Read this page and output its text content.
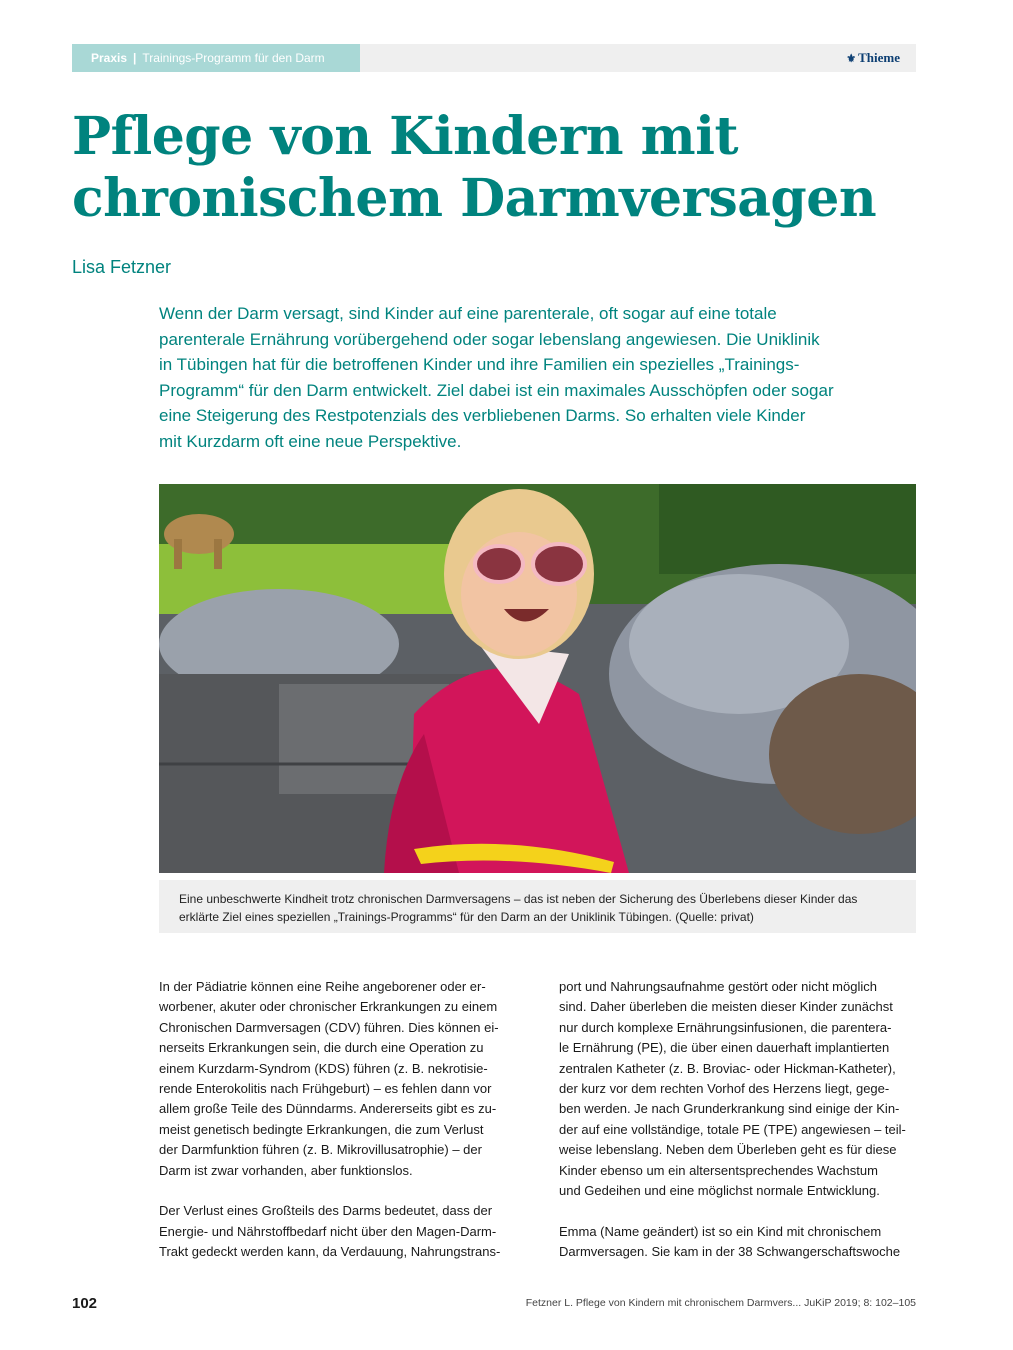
Praxis | Trainings-Programm für den Darm	⚜ Thieme
Pflege von Kindern mit
chronischem Darmversagen
Lisa Fetzner
Wenn der Darm versagt, sind Kinder auf eine parenterale, oft sogar auf eine totale
parenterale Ernährung vorübergehend oder sogar lebenslang angewiesen. Die Uniklinik
in Tübingen hat für die betroffenen Kinder und ihre Familien ein spezielles „Trainings-
Programm“ für den Darm entwickelt. Ziel dabei ist ein maximales Ausschöpfen oder sogar
eine Steigerung des Restpotenzials des verbliebenen Darms. So erhalten viele Kinder
mit Kurzdarm oft eine neue Perspektive.
Eine unbeschwerte Kindheit trotz chronischen Darmversagens – das ist neben der Sicherung des Überlebens dieser Kinder das
erklärte Ziel eines speziellen „Trainings-Programms“ für den Darm an der Uniklinik Tübingen. (Quelle: privat)
In der Pädiatrie können eine Reihe angeborener oder er-
worbener, akuter oder chronischer Erkrankungen zu einem
Chronischen Darmversagen (CDV) führen. Dies können ei-
nerseits Erkrankungen sein, die durch eine Operation zu
einem Kurzdarm-Syndrom (KDS) führen (z. B. nekrotisie-
rende Enterokolitis nach Frühgeburt) – es fehlen dann vor
allem große Teile des Dünndarms. Andererseits gibt es zu-
meist genetisch bedingte Erkrankungen, die zum Verlust
der Darmfunktion führen (z. B. Mikrovillusatrophie) – der
Darm ist zwar vorhanden, aber funktionslos.
Der Verlust eines Großteils des Darms bedeutet, dass der
Energie- und Nährstoffbedarf nicht über den Magen-Darm-
Trakt gedeckt werden kann, da Verdauung, Nahrungstrans-
port und Nahrungsaufnahme gestört oder nicht möglich
sind. Daher überleben die meisten dieser Kinder zunächst
nur durch komplexe Ernährungsinfusionen, die parentera-
le Ernährung (PE), die über einen dauerhaft implantierten
zentralen Katheter (z. B. Broviac- oder Hickman-Katheter),
der kurz vor dem rechten Vorhof des Herzens liegt, gege-
ben werden. Je nach Grunderkrankung sind einige der Kin-
der auf eine vollständige, totale PE (TPE) angewiesen – teil-
weise lebenslang. Neben dem Überleben geht es für diese
Kinder ebenso um ein altersentsprechendes Wachstum
und Gedeihen und eine möglichst normale Entwicklung.
Emma (Name geändert) ist so ein Kind mit chronischem
Darmversagen. Sie kam in der 38 Schwangerschaftswoche
102	Fetzner L. Pflege von Kindern mit chronischem Darmvers... JuKiP 2019; 8: 102–105
